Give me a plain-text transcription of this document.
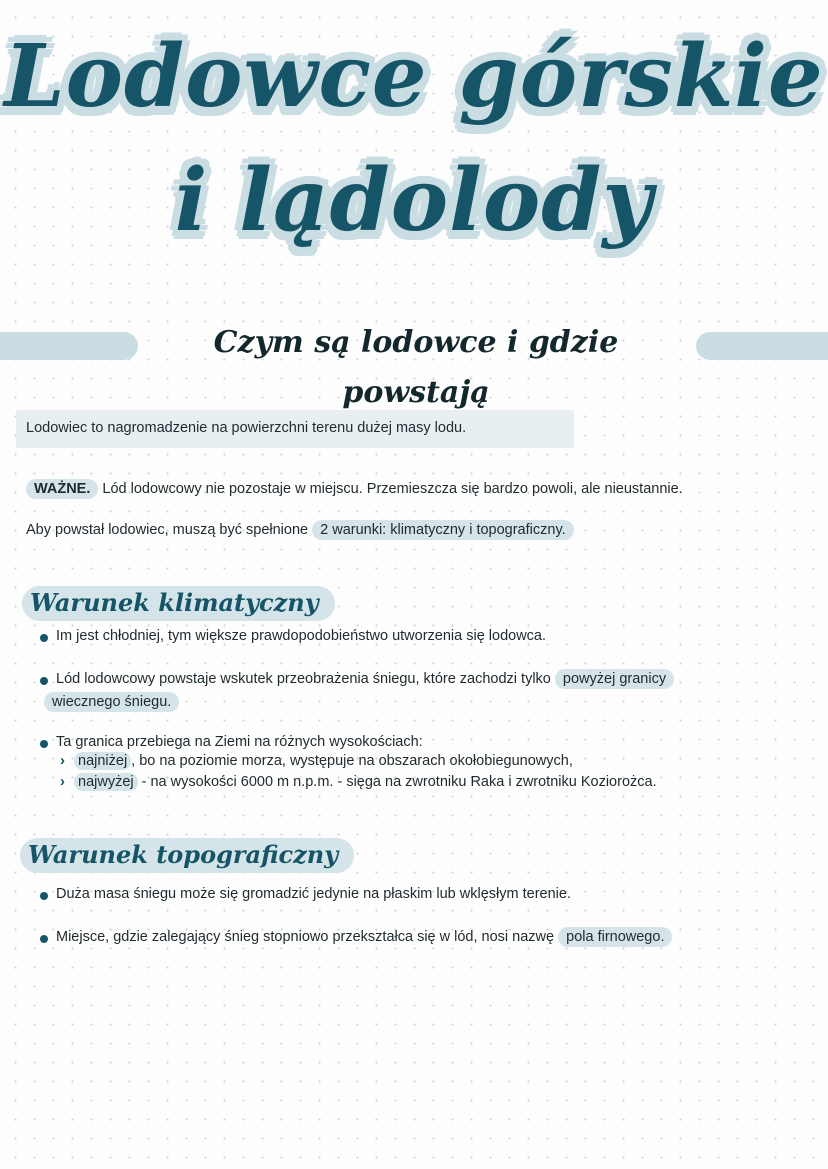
Lodowce górskie
i lądolody
Czym są lodowce i gdzie powstają
Lodowiec to nagromadzenie na powierzchni terenu dużej masy lodu.
WAŻNE. Lód lodowcowy nie pozostaje w miejscu. Przemieszcza się bardzo powoli, ale nieustannie.
Aby powstał lodowiec, muszą być spełnione 2 warunki: klimatyczny i topograficzny.
Warunek klimatyczny
Im jest chłodniej, tym większe prawdopodobieństwo utworzenia się lodowca.
Lód lodowcowy powstaje wskutek przeobrażenia śniegu, które zachodzi tylko powyżej granicy
wiecznego śniegu.
Ta granica przebiega na Ziemi na różnych wysokościach:
› najniżej , bo na poziomie morza, występuje na obszarach okołobiegunowych,
› najwyżej - na wysokości 6000 m n.p.m. - sięga na zwrotniku Raka i zwrotniku Koziorożca.
Warunek topograficzny
Duża masa śniegu może się gromadzić jedynie na płaskim lub wklęsłym terenie.
Miejsce, gdzie zalegający śnieg stopniowo przekształca się w lód, nosi nazwę pola firnowego.
